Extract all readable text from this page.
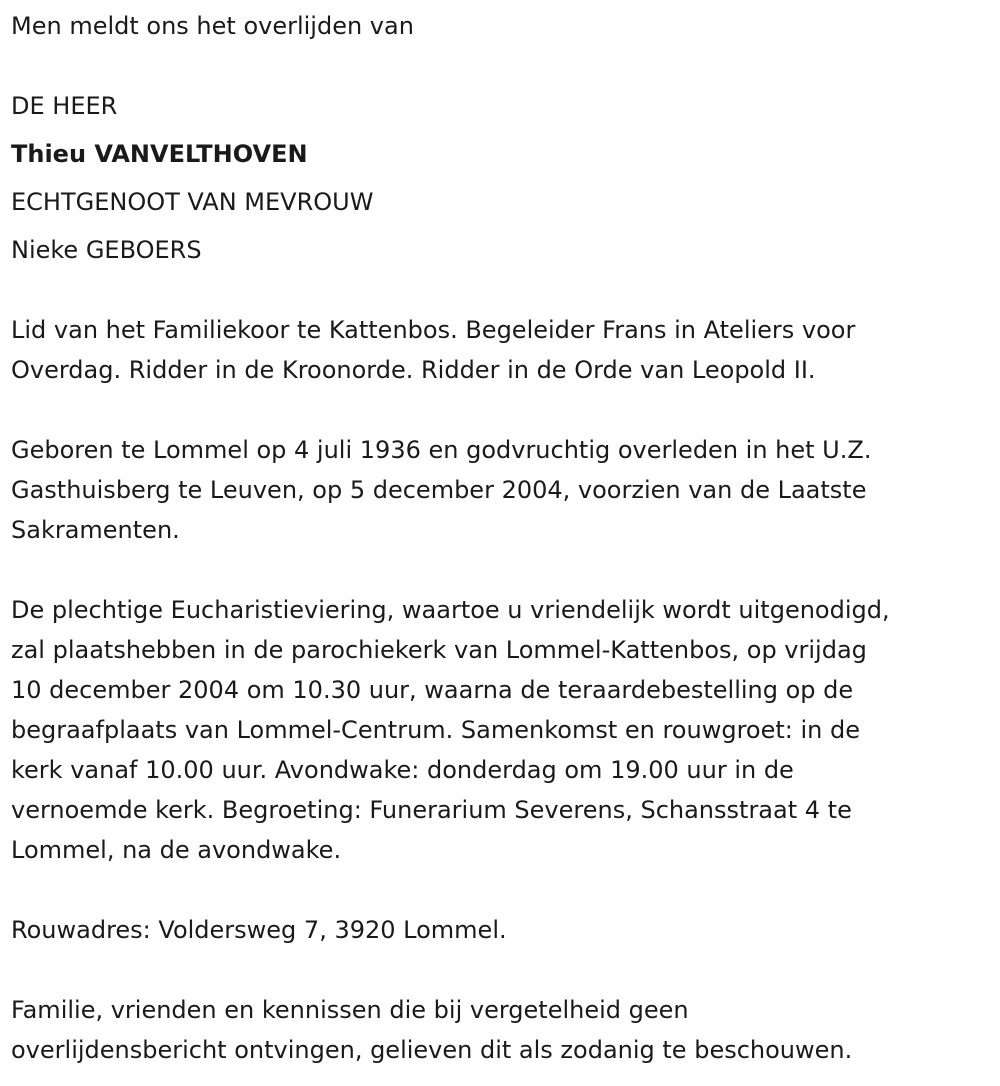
Men meldt ons het overlijden van
DE HEER
Thieu VANVELTHOVEN
ECHTGENOOT VAN MEVROUW
Nieke GEBOERS
Lid van het Familiekoor te Kattenbos. Begeleider Frans in Ateliers voor
Overdag. Ridder in de Kroonorde. Ridder in de Orde van Leopold II.
Geboren te Lommel op 4 juli 1936 en godvruchtig overleden in het U.Z.
Gasthuisberg te Leuven, op 5 december 2004, voorzien van de Laatste
Sakramenten.
De plechtige Eucharistieviering, waartoe u vriendelijk wordt uitgenodigd,
zal plaatshebben in de parochiekerk van Lommel-Kattenbos, op vrijdag
10 december 2004 om 10.30 uur, waarna de teraardebestelling op de
begraafplaats van Lommel-Centrum. Samenkomst en rouwgroet: in de
kerk vanaf 10.00 uur. Avondwake: donderdag om 19.00 uur in de
vernoemde kerk. Begroeting: Funerarium Severens, Schansstraat 4 te
Lommel, na de avondwake.
Rouwadres: Voldersweg 7, 3920 Lommel.
Familie, vrienden en kennissen die bij vergetelheid geen
overlijdensbericht ontvingen, gelieven dit als zodanig te beschouwen.
